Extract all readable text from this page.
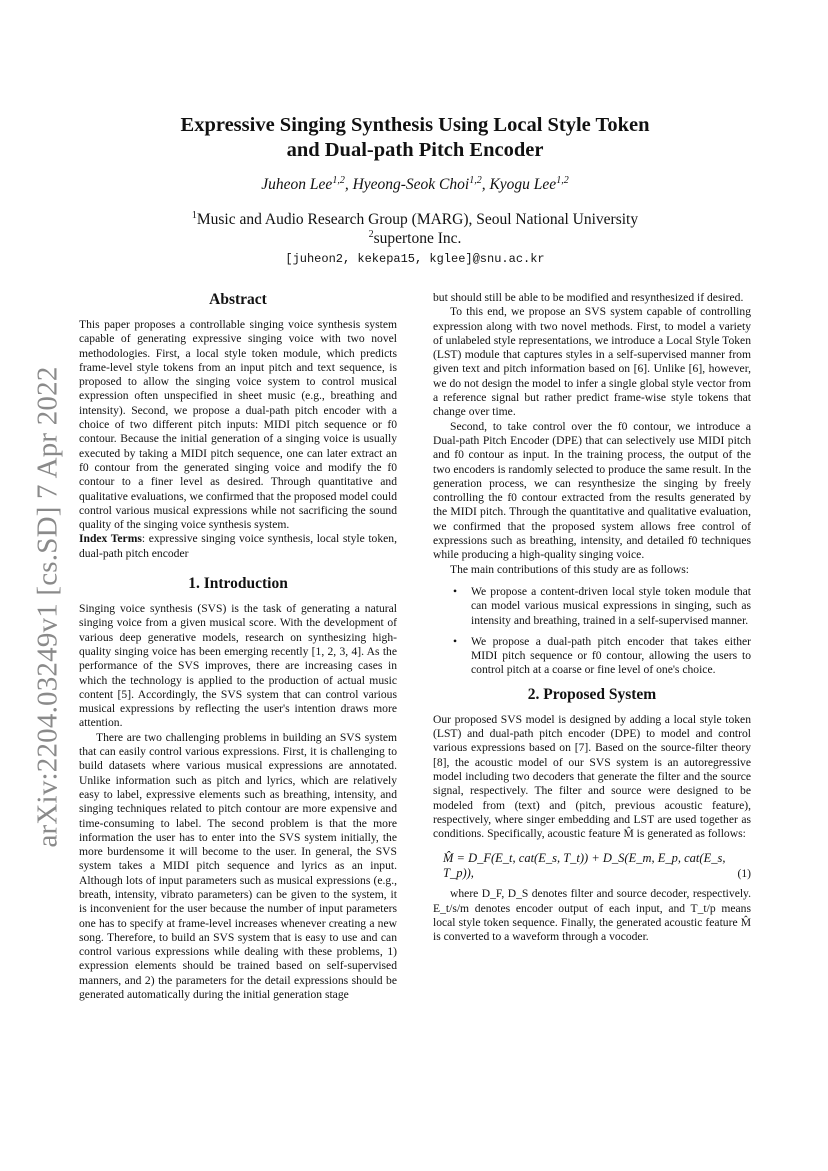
arXiv:2204.03249v1 [cs.SD] 7 Apr 2022
Expressive Singing Synthesis Using Local Style Token
and Dual-path Pitch Encoder
Juheon Lee$^{1,2}$, Hyeong-Seok Choi$^{1,2}$, Kyogu Lee$^{1,2}$
$^1$Music and Audio Research Group (MARG), Seoul National University
$^2$supertone Inc.
[juheon2, kekepa15, kglee]@snu.ac.kr
Abstract

This paper proposes a controllable singing voice synthesis system capable of generating expressive singing voice with two novel methodologies. First, a local style token module, which predicts frame-level style tokens from an input pitch and text sequence, is proposed to allow the singing voice system to control musical expression often unspecified in sheet music (e.g., breathing and intensity). Second, we propose a dual-path pitch encoder with a choice of two different pitch inputs: MIDI pitch sequence or f0 contour. Because the initial generation of a singing voice is usually executed by taking a MIDI pitch sequence, one can later extract an f0 contour from the generated singing voice and modify the f0 contour to a finer level as desired. Through quantitative and qualitative evaluations, we confirmed that the proposed model could control various musical expressions while not sacrificing the sound quality of the singing voice synthesis system.

Index Terms: expressive singing voice synthesis, local style token, dual-path pitch encoder

1. Introduction

Singing voice synthesis (SVS) is the task of generating a natural singing voice from a given musical score. With the development of various deep generative models, research on synthesizing high-quality singing voice has been emerging recently [1, 2, 3, 4]. As the performance of the SVS improves, there are increasing cases in which the technology is applied to the production of actual music content [5]. Accordingly, the SVS system that can control various musical expressions by reflecting the user's intention draws more attention.

There are two challenging problems in building an SVS system that can easily control various expressions. First, it is challenging to build datasets where various musical expressions are annotated. Unlike information such as pitch and lyrics, which are relatively easy to label, expressive elements such as breathing, intensity, and singing techniques related to pitch contour are more expensive and time-consuming to label. The second problem is that the more information the user has to enter into the SVS system initially, the more burdensome it will become to the user. In general, the SVS system takes a MIDI pitch sequence and lyrics as an input. Although lots of input parameters such as musical expressions (e.g., breath, intensity, vibrato parameters) can be given to the system, it is inconvenient for the user because the number of input parameters one has to specify at frame-level increases whenever creating a new song. Therefore, to build an SVS system that is easy to use and can control various expressions while dealing with these problems, 1) expression elements should be trained based on self-supervised manners, and 2) the parameters for the detail expressions should be generated automatically during the initial generation stage

but should still be able to be modified and resynthesized if desired.

To this end, we propose an SVS system capable of controlling expression along with two novel methods. First, to model a variety of unlabeled style representations, we introduce a Local Style Token (LST) module that captures styles in a self-supervised manner from given text and pitch information based on [6]. Unlike [6], however, we do not design the model to infer a single global style vector from a reference signal but rather predict frame-wise style tokens that change over time.

Second, to take control over the f0 contour, we introduce a Dual-path Pitch Encoder (DPE) that can selectively use MIDI pitch and f0 contour as input. In the training process, the output of the two encoders is randomly selected to produce the same result. In the generation process, we can resynthesize the singing by freely controlling the f0 contour extracted from the results generated by the MIDI pitch. Through the quantitative and qualitative evaluation, we confirmed that the proposed system allows free control of expressions such as breathing, intensity, and detailed f0 techniques while producing a high-quality singing voice.

The main contributions of this study are as follows:

• We propose a content-driven local style token module that can model various musical expressions in singing, such as intensity and breathing, trained in a self-supervised manner.
• We propose a dual-path pitch encoder that takes either MIDI pitch sequence or f0 contour, allowing the users to control pitch at a coarse or fine level of one's choice.
2. Proposed System

Our proposed SVS model is designed by adding a local style token (LST) and dual-path pitch encoder (DPE) to model and control various expressions based on [7]. Based on the source-filter theory [8], the acoustic model of our SVS system is an autoregressive model including two decoders that generate the filter and the source signal, respectively. The filter and source were designed to be modeled from (text) and (pitch, previous acoustic feature), respectively, where singer embedding and LST are used together as conditions. Specifically, acoustic feature M̂ is generated as follows:

M̂ = D_F(E_t, cat(E_s, T_t)) + D_S(E_m, E_p, cat(E_s, T_p)),	(1)

where D_F, D_S denotes filter and source decoder, respectively. E_t/s/m denotes encoder output of each input, and T_t/p means local style token sequence. Finally, the generated acoustic feature M̂ is converted to a waveform through a vocoder.
